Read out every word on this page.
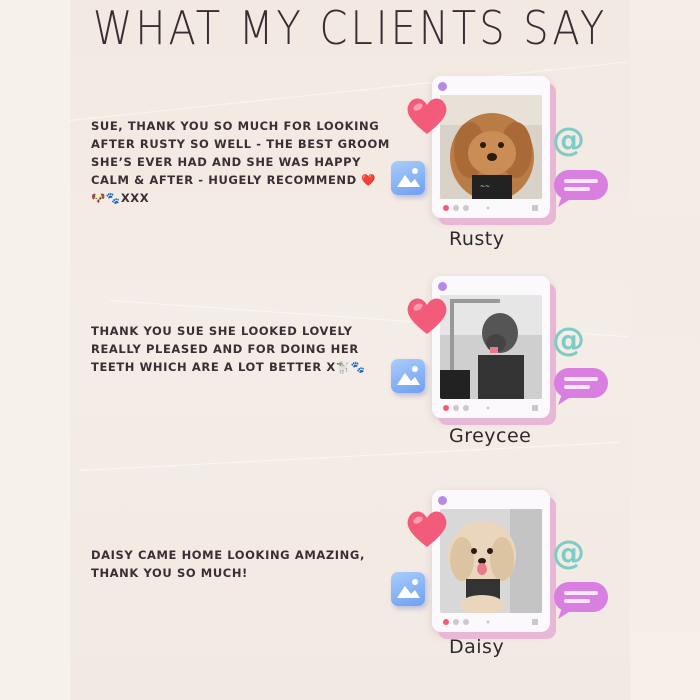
WHAT MY CLIENTS SAY
SUE, THANK YOU SO MUCH FOR LOOKING AFTER RUSTY SO WELL - THE BEST GROOM SHE’S EVER HAD AND SHE WAS HAPPY CALM & AFTER - HUGELY RECOMMEND ❤️🐶🐾XXX
~~
@
Rusty
THANK YOU SUE SHE LOOKED LOVELY REALLY PLEASED AND FOR DOING HER TEETH WHICH ARE A LOT BETTER X🐩🐾
@
Greycee
DAISY CAME HOME LOOKING AMAZING, THANK YOU SO MUCH!
@
Daisy
